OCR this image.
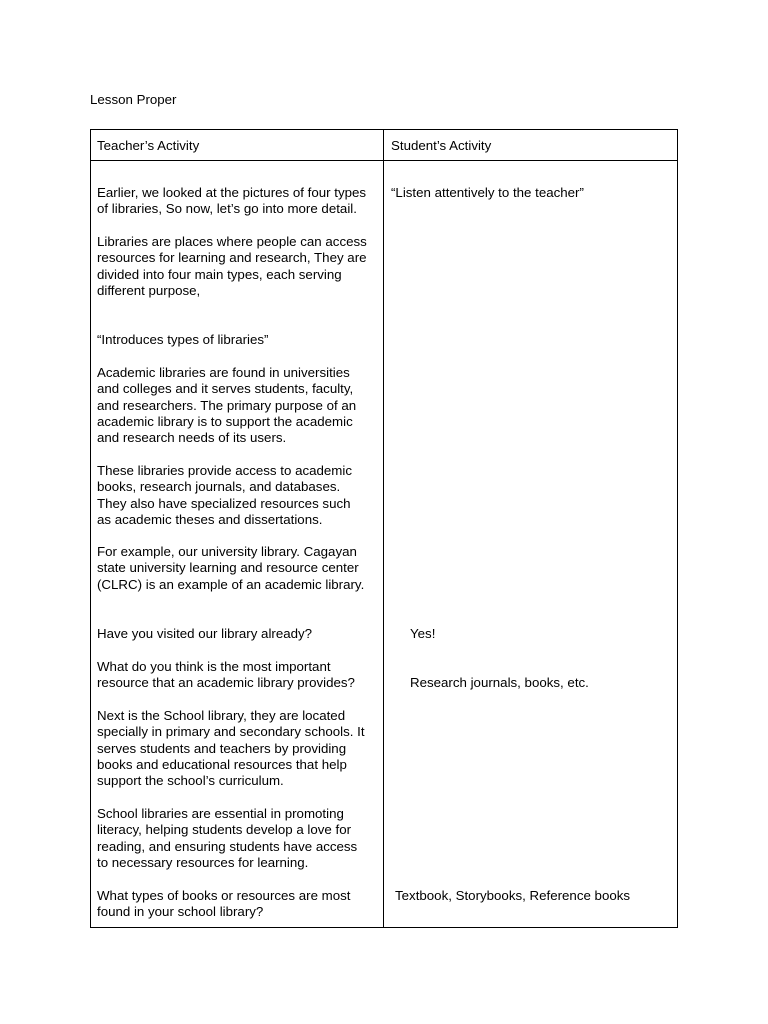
Lesson Proper
Teacher’s Activity	Student’s Activity
Earlier, we looked at the pictures of four types
of libraries, So now, let’s go into more detail.
Libraries are places where people can access
resources for learning and research, They are
divided into four main types, each serving
different purpose,
“Introduces types of libraries”
Academic libraries are found in universities
and colleges and it serves students, faculty,
and researchers. The primary purpose of an
academic library is to support the academic
and research needs of its users.
These libraries provide access to academic
books, research journals, and databases.
They also have specialized resources such
as academic theses and dissertations.
For example, our university library. Cagayan
state university learning and resource center
(CLRC) is an example of an academic library.
Have you visited our library already?
What do you think is the most important
resource that an academic library provides?
Next is the School library, they are located
specially in primary and secondary schools. It
serves students and teachers by providing
books and educational resources that help
support the school’s curriculum.
School libraries are essential in promoting
literacy, helping students develop a love for
reading, and ensuring students have access
to necessary resources for learning.
What types of books or resources are most
found in your school library?
“Listen attentively to the teacher”
Yes!
Research journals, books, etc.
Textbook, Storybooks, Reference books
